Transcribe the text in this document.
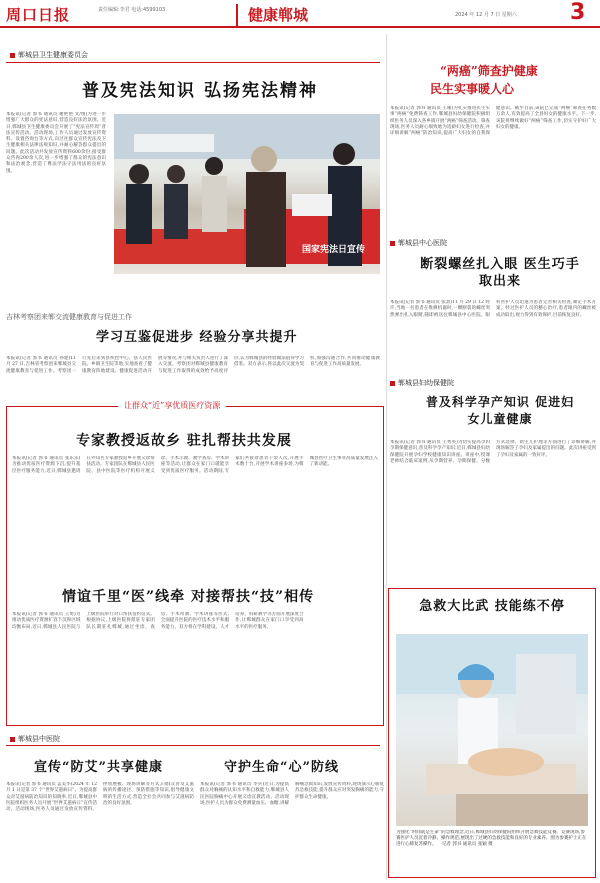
周口日报	责任编辑:李君 电话:4599103	健康郸城	2024 年 12 月 7 日 星期六 3
郸城县卫生健康委员会
普及宪法知识 弘扬宪法精神
本报讯(记者 郭书 通讯员 谢艳艳 文/图)为进一步增强广大群众的宪法意识,营造良好法治氛围。近日,郸城县卫生健康委员会开展了“宪法宣传周”普法宣传活动。活动现场,工作人员通过发放宣传资料、设置咨询台等方式,向过往群众宣传宪法及卫生健康相关法律法规知识,并耐心解答群众提出的问题。此次活动共发放宣传资料600余份,接受群众咨询200余人次,进一步增强了群众的宪法意识和法治观念,营造了尊法学法守法用法的良好氛围。
国家宪法日宣传
吉林考察团来郸交流健康教育与促进工作
学习互鉴促进步 经验分享共提升
本报讯(记者 郭书 通讯员 孙建)11 月 27 日,吉林省考察团来郸城县交流健康教育与促进工作。考察团一行先后来到县疾控中心、县人民医院、乡镇卫生院等地,实地查看了健康教育阵地建设、健康促进活动开展等情况,并与相关负责人进行了深入交流。考察团对郸城县健康教育与促进工作取得的成效给予高度评价,认为郸城县的经验做法值得学习借鉴。双方表示,将以此次交流为契机,加强沟通合作,共同推动健康教育与促进工作高质量发展。
“两癌”筛查护健康
民生实事暖人心
本报讯(记者 郭书 通讯员 王珊)为扎实推进民生实事“两癌”免费筛查工作,郸城县妇幼保健院积极组织医务人员深入各乡镇开展“两癌”筛查活动。筛查现场,医务人员耐心细致地为适龄妇女进行检查,并详细讲解“两癌”防治知识,提高广大妇女的自我保健意识。截至目前,该院已完成“两癌”筛查任务数万余人,有效提高了全县妇女的健康水平。下一步,该院将继续做好“两癌”筛查工作,切实守护好广大妇女的健康。
郸城县中心医院
断裂螺丝扎入眼 医生巧手取出来
本报讯(记者 郭书 通讯员 张萧)11 月 29 日 12 时许,当地一名患者在维修机器时,一颗断裂的螺丝突然弹出扎入眼睛,随即被送往郸城县中心医院。眼科医护人员迅速为患者完善相关检查,制定手术方案。经过医护人员的精心治疗,患者眼内的螺丝被成功取出,视力得到有效保护,目前恢复良好。
郸城县妇幼保健院
普及科学孕产知识 促进妇女儿童健康
本报讯(记者 郭书 通讯员 王秀英)为切实提高孕妇孕期保健意识,普及科学孕产知识,近日,郸城县妇幼保健院开展孕妇学校健康知识讲座。讲座中,授课老师结合临床案例,从孕期营养、孕期保健、分娩方式选择、新生儿护理等方面进行了详细讲解,并现场解答了孕妇及家属提出的问题。此次讲座受到了孕妇及家属的一致好评。
让群众“近”享优质医疗资源
专家教授返故乡 驻扎帮扶共发展
本报讯(记者 郭书 通讯员 张乐乐)为推动优质医疗资源下沉,提升基层医疗服务能力,近日,郸城县邀请在外知名专家教授返乡开展义诊帮扶活动。专家团队在郸城县人民医院、县中医院等医疗机构开展义诊、手术示教、教学查房、学术讲座等活动,让群众在家门口就能享受到优质医疗服务。活动期间,专家们共接诊患者千余人次,开展手术数十台,开展学术讲座多场,为郸城县医疗卫生事业高质量发展注入了新动能。
情谊千里“医”线牵 对接帮扶“技”相传
本报讯(记者 郭书 通讯员 王勇)为推动优质医疗资源扩容下沉和区域均衡布局,近日,郸城县人民医院与上级医院举行对口帮扶签约仪式。根据协议,上级医院将派驻专家团队长期驻扎郸城,通过坐诊、查房、手术带教、学术讲座等形式,全面提升医院的医疗技术水平和服务能力。双方将在学科建设、人才培养、科研教学等方面开展深度合作,让郸城群众在家门口享受到高水平的医疗服务。
急救大比武 技能练不停
为强化“时间就是生命”的急救理念,近日,郸城县妇幼保健院组织开展急救技能竞赛。竞赛现场,参赛医护人员沉着冷静、操作规范,展现出了过硬的急救技能和良好的专业素养。图为参赛护士正在进行心肺复苏操作。 记者 郭书 通讯员 张颖 摄
郸城县中医院
宣传“防艾”共享健康
本报讯(记者 郭书 通讯员 孟美华)2024 年 12 月 1 日是第 37 个“世界艾滋病日”。为提高群众对艾滋病防治知识的知晓率,近日,郸城县中医院组织医务人员开展“世界艾滋病日”宣传活动。活动现场,医务人员通过发放宣传资料、摆放展板、现场讲解等方式,向群众普及艾滋病的传播途径、预防措施等知识,倡导健康文明的生活方式,营造全社会共同参与艾滋病防治的良好氛围。
守护生命“心”防线
本报讯(记者 郭书 通讯员 李兵)近日,为提高群众对胸痛的认知水平和自救能力,郸城县人民医院胸痛中心开展义诊宣教活动。活动现场,医护人员为群众免费测量血压、血糖,讲解胸痛急救知识,发放宣传资料,现场演示心肺复苏急救技能,提升群众应对突发胸痛的能力,守护群众生命健康。
